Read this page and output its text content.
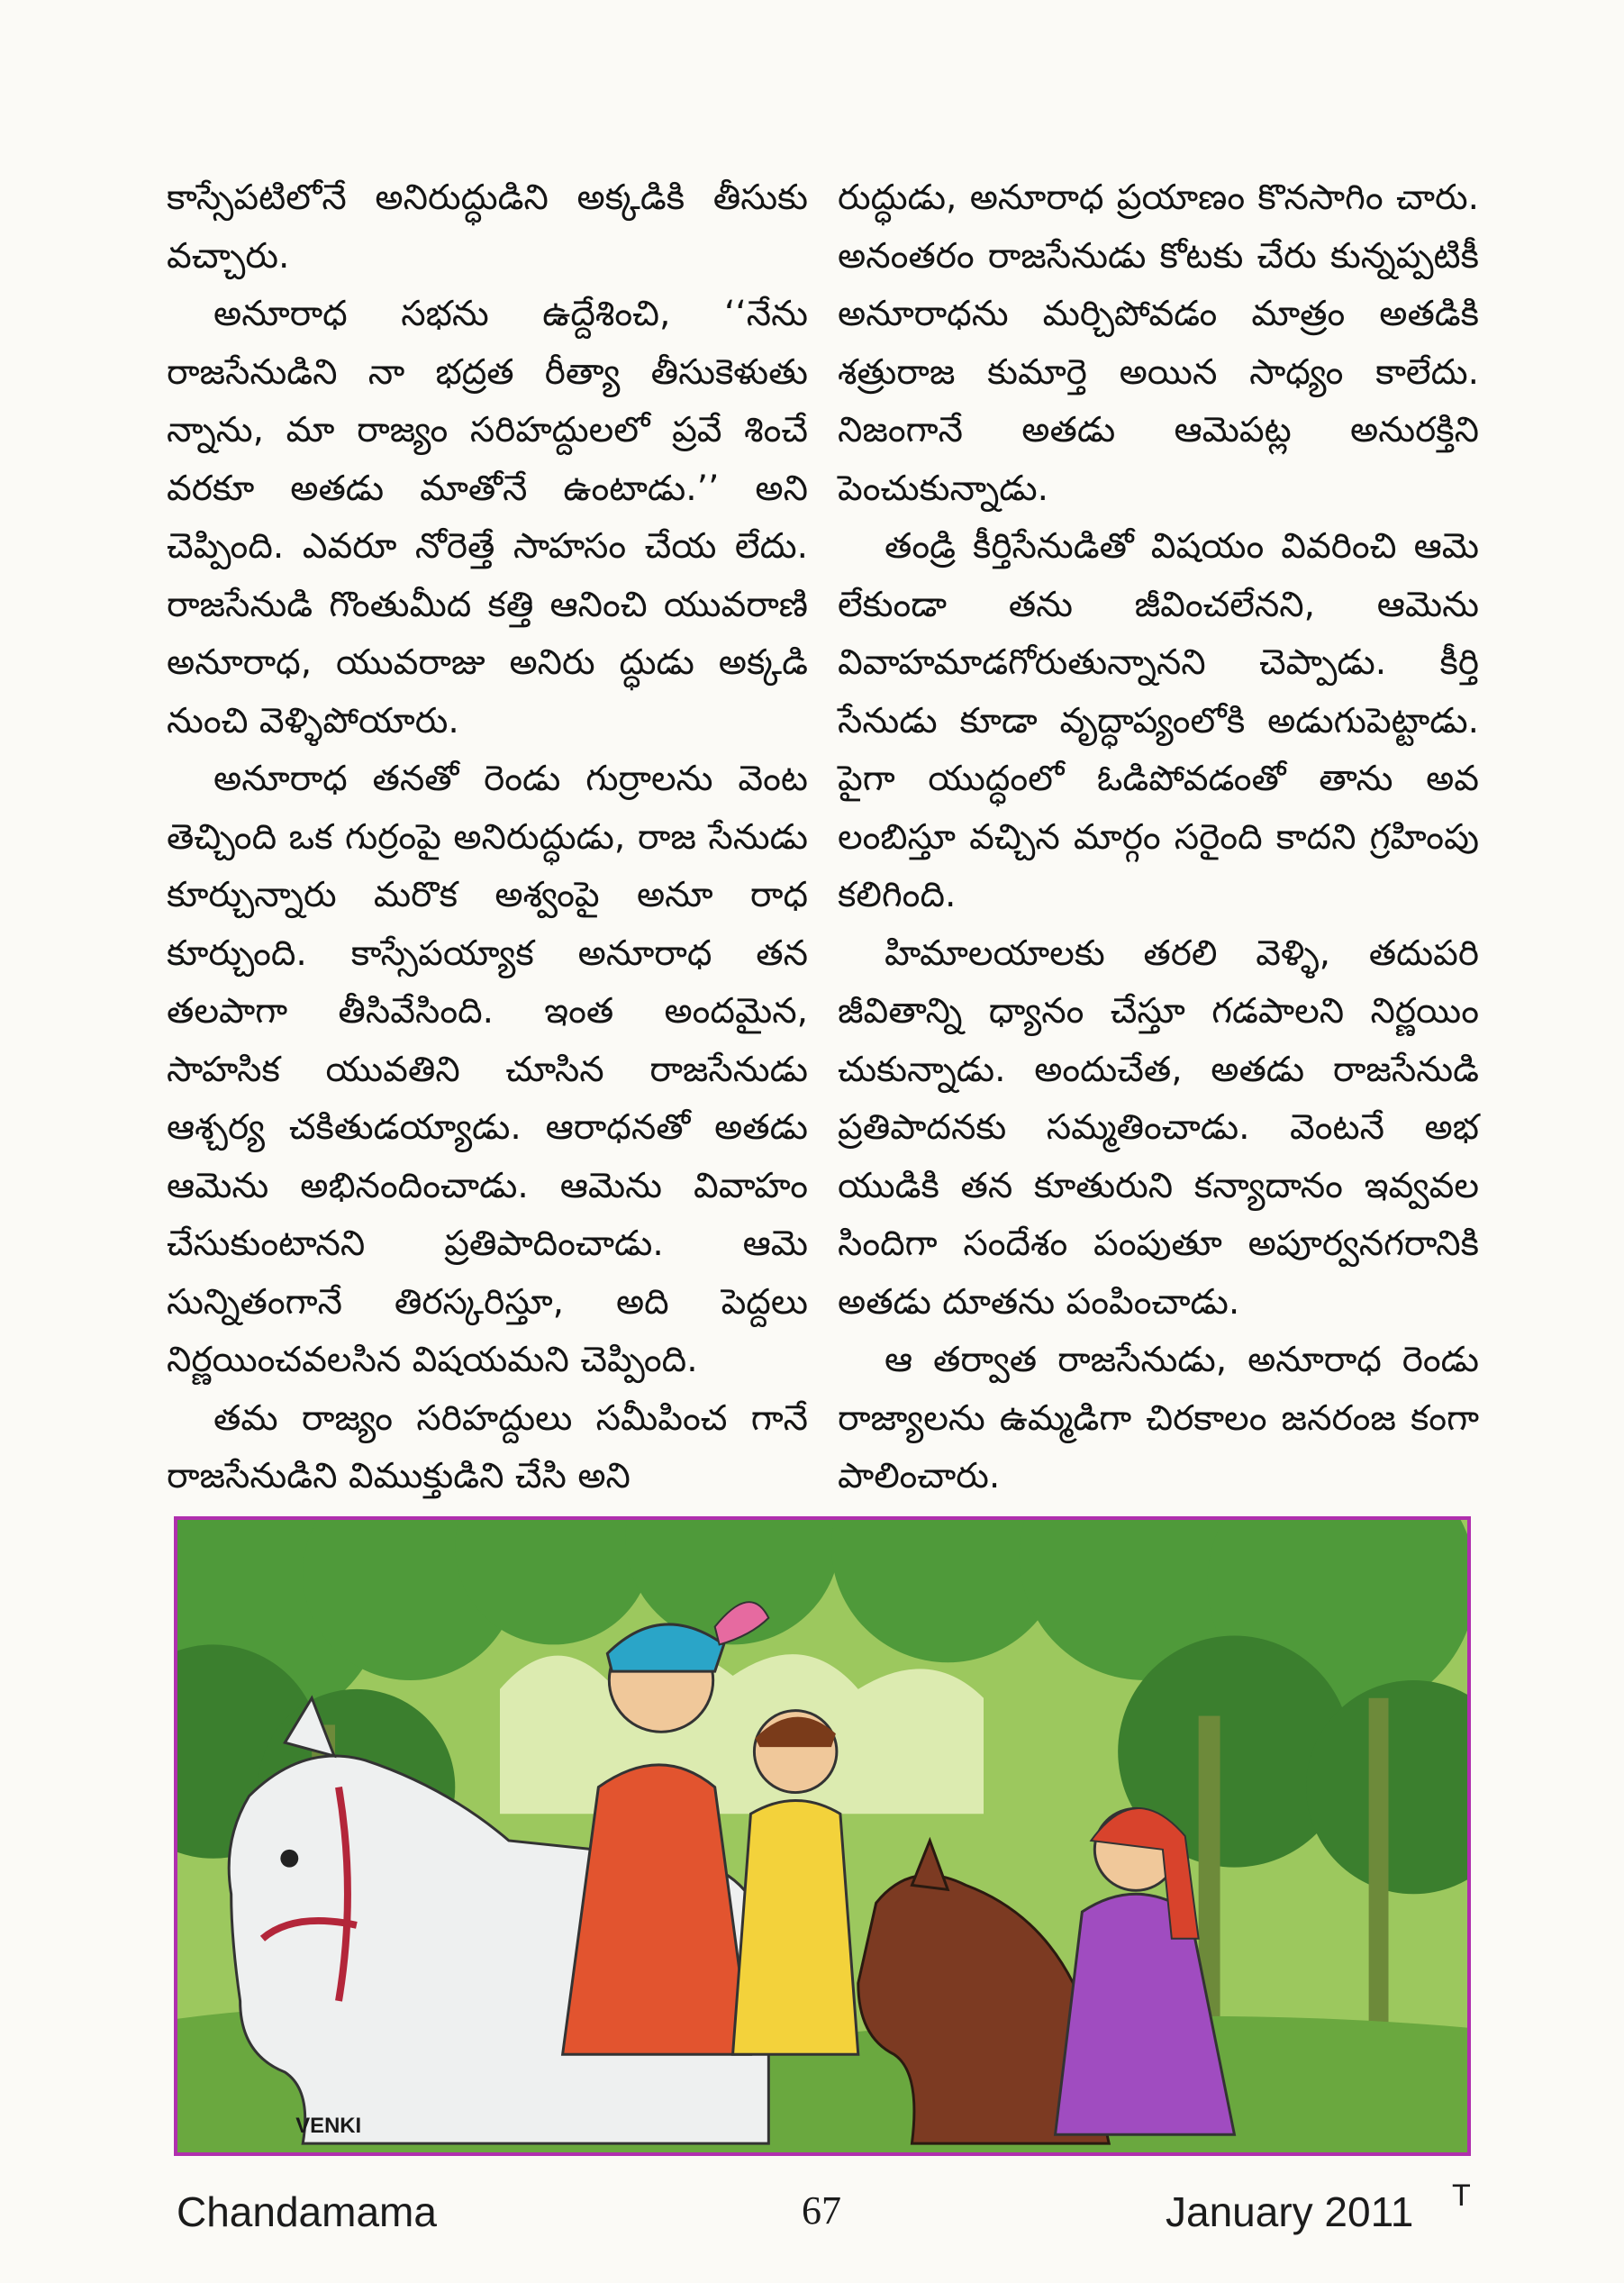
కాస్సేపటిలోనే అనిరుద్ధుడిని అక్కడికి తీసుకు వచ్చారు.

అనూరాధ సభను ఉద్దేశించి, ‘‘నేను రాజసేనుడిని నా భద్రత రీత్యా తీసుకెళుతు న్నాను, మా రాజ్యం సరిహద్దులలో ప్రవే శించే వరకూ అతడు మాతోనే ఉంటాడు.’’ అని చెప్పింది. ఎవరూ నోరెత్తే సాహసం చేయ లేదు. రాజసేనుడి గొంతుమీద కత్తి ఆనించి యువరాణి అనూరాధ, యువరాజు అనిరు ద్ధుడు అక్కడి నుంచి వెళ్ళిపోయారు.

అనూరాధ తనతో రెండు గుర్రాలను వెంట తెచ్చింది ఒక గుర్రంపై అనిరుద్ధుడు, రాజ సేనుడు కూర్చున్నారు మరొక అశ్వంపై అనూ రాధ కూర్చుంది. కాస్సేపయ్యాక అనూరాధ తన తలపాగా తీసివేసింది. ఇంత అందమైన, సాహసిక యువతిని చూసిన రాజసేనుడు ఆశ్చర్య చకితుడయ్యాడు. ఆరాధనతో అతడు ఆమెను అభినందించాడు. ఆమెను వివాహం చేసుకుంటానని ప్రతిపాదించాడు. ఆమె సున్నితంగానే తిరస్కరిస్తూ, అది పెద్దలు నిర్ణయించవలసిన విషయమని చెప్పింది.

తమ రాజ్యం సరిహద్దులు సమీపించ గానే రాజసేనుడిని విముక్తుడిని చేసి అని

రుద్ధుడు, అనూరాధ ప్రయాణం కొనసాగిం చారు. అనంతరం రాజసేనుడు కోటకు చేరు కున్నప్పటికీ అనూరాధను మర్చిపోవడం మాత్రం అతడికి శత్రురాజ కుమార్తె అయిన సాధ్యం కాలేదు. నిజంగానే అతడు ఆమెపట్ల అనురక్తిని పెంచుకున్నాడు.

తండ్రి కీర్తిసేనుడితో విషయం వివరించి ఆమె లేకుండా తను జీవించలేనని, ఆమెను వివాహమాడగోరుతున్నానని చెప్పాడు. కీర్తి సేనుడు కూడా వృద్ధాప్యంలోకి అడుగుపెట్టాడు. పైగా యుద్ధంలో ఓడిపోవడంతో తాను అవ లంబిస్తూ వచ్చిన మార్గం సరైంది కాదని గ్రహింపు కలిగింది.

హిమాలయాలకు తరలి వెళ్ళి, తదుపరి జీవితాన్ని ధ్యానం చేస్తూ గడపాలని నిర్ణయిం చుకున్నాడు. అందుచేత, అతడు రాజసేనుడి ప్రతిపాదనకు సమ్మతించాడు. వెంటనే అభ యుడికి తన కూతురుని కన్యాదానం ఇవ్వవల సిందిగా సందేశం పంపుతూ అపూర్వనగరానికి అతడు దూతను పంపించాడు.

ఆ తర్వాత రాజసేనుడు, అనూరాధ రెండు రాజ్యాలను ఉమ్మడిగా చిరకాలం జనరంజ కంగా పాలించారు.

VENKI
Chandamama	67	January 2011 T
